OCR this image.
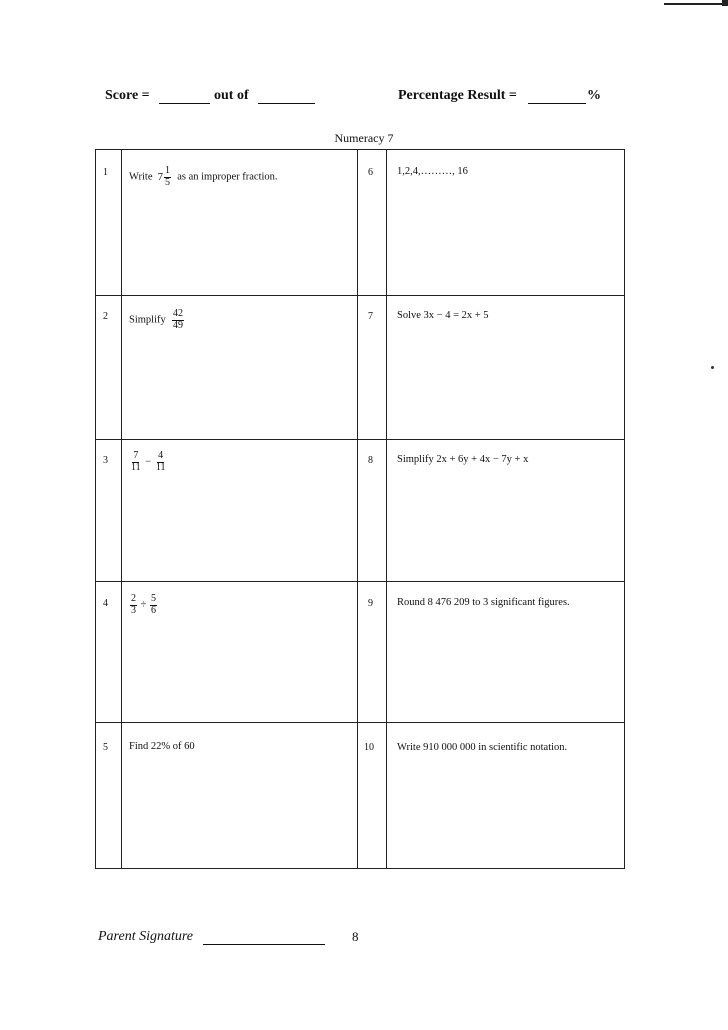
Score =	out of	Percentage Result =	%
Numeracy 7
1 Write $7 \frac{1}{5}$ as an improper fraction.
2 Simplify $\frac{42}{49}$
$3 \frac{7}{11} - \frac{4}{11}$
$4 \frac{2}{3} \div \frac{5}{6}$
5 Find 22% of 60
6 1,2,4,………, 16
7 Solve 3x − 4 = 2x + 5
8 Simplify 2x + 6y + 4x − 7y + x
9 Round 8 476 209 to 3 significant figures.
10 Write 910 000 000 in scientific notation.
Parent Signature	8
